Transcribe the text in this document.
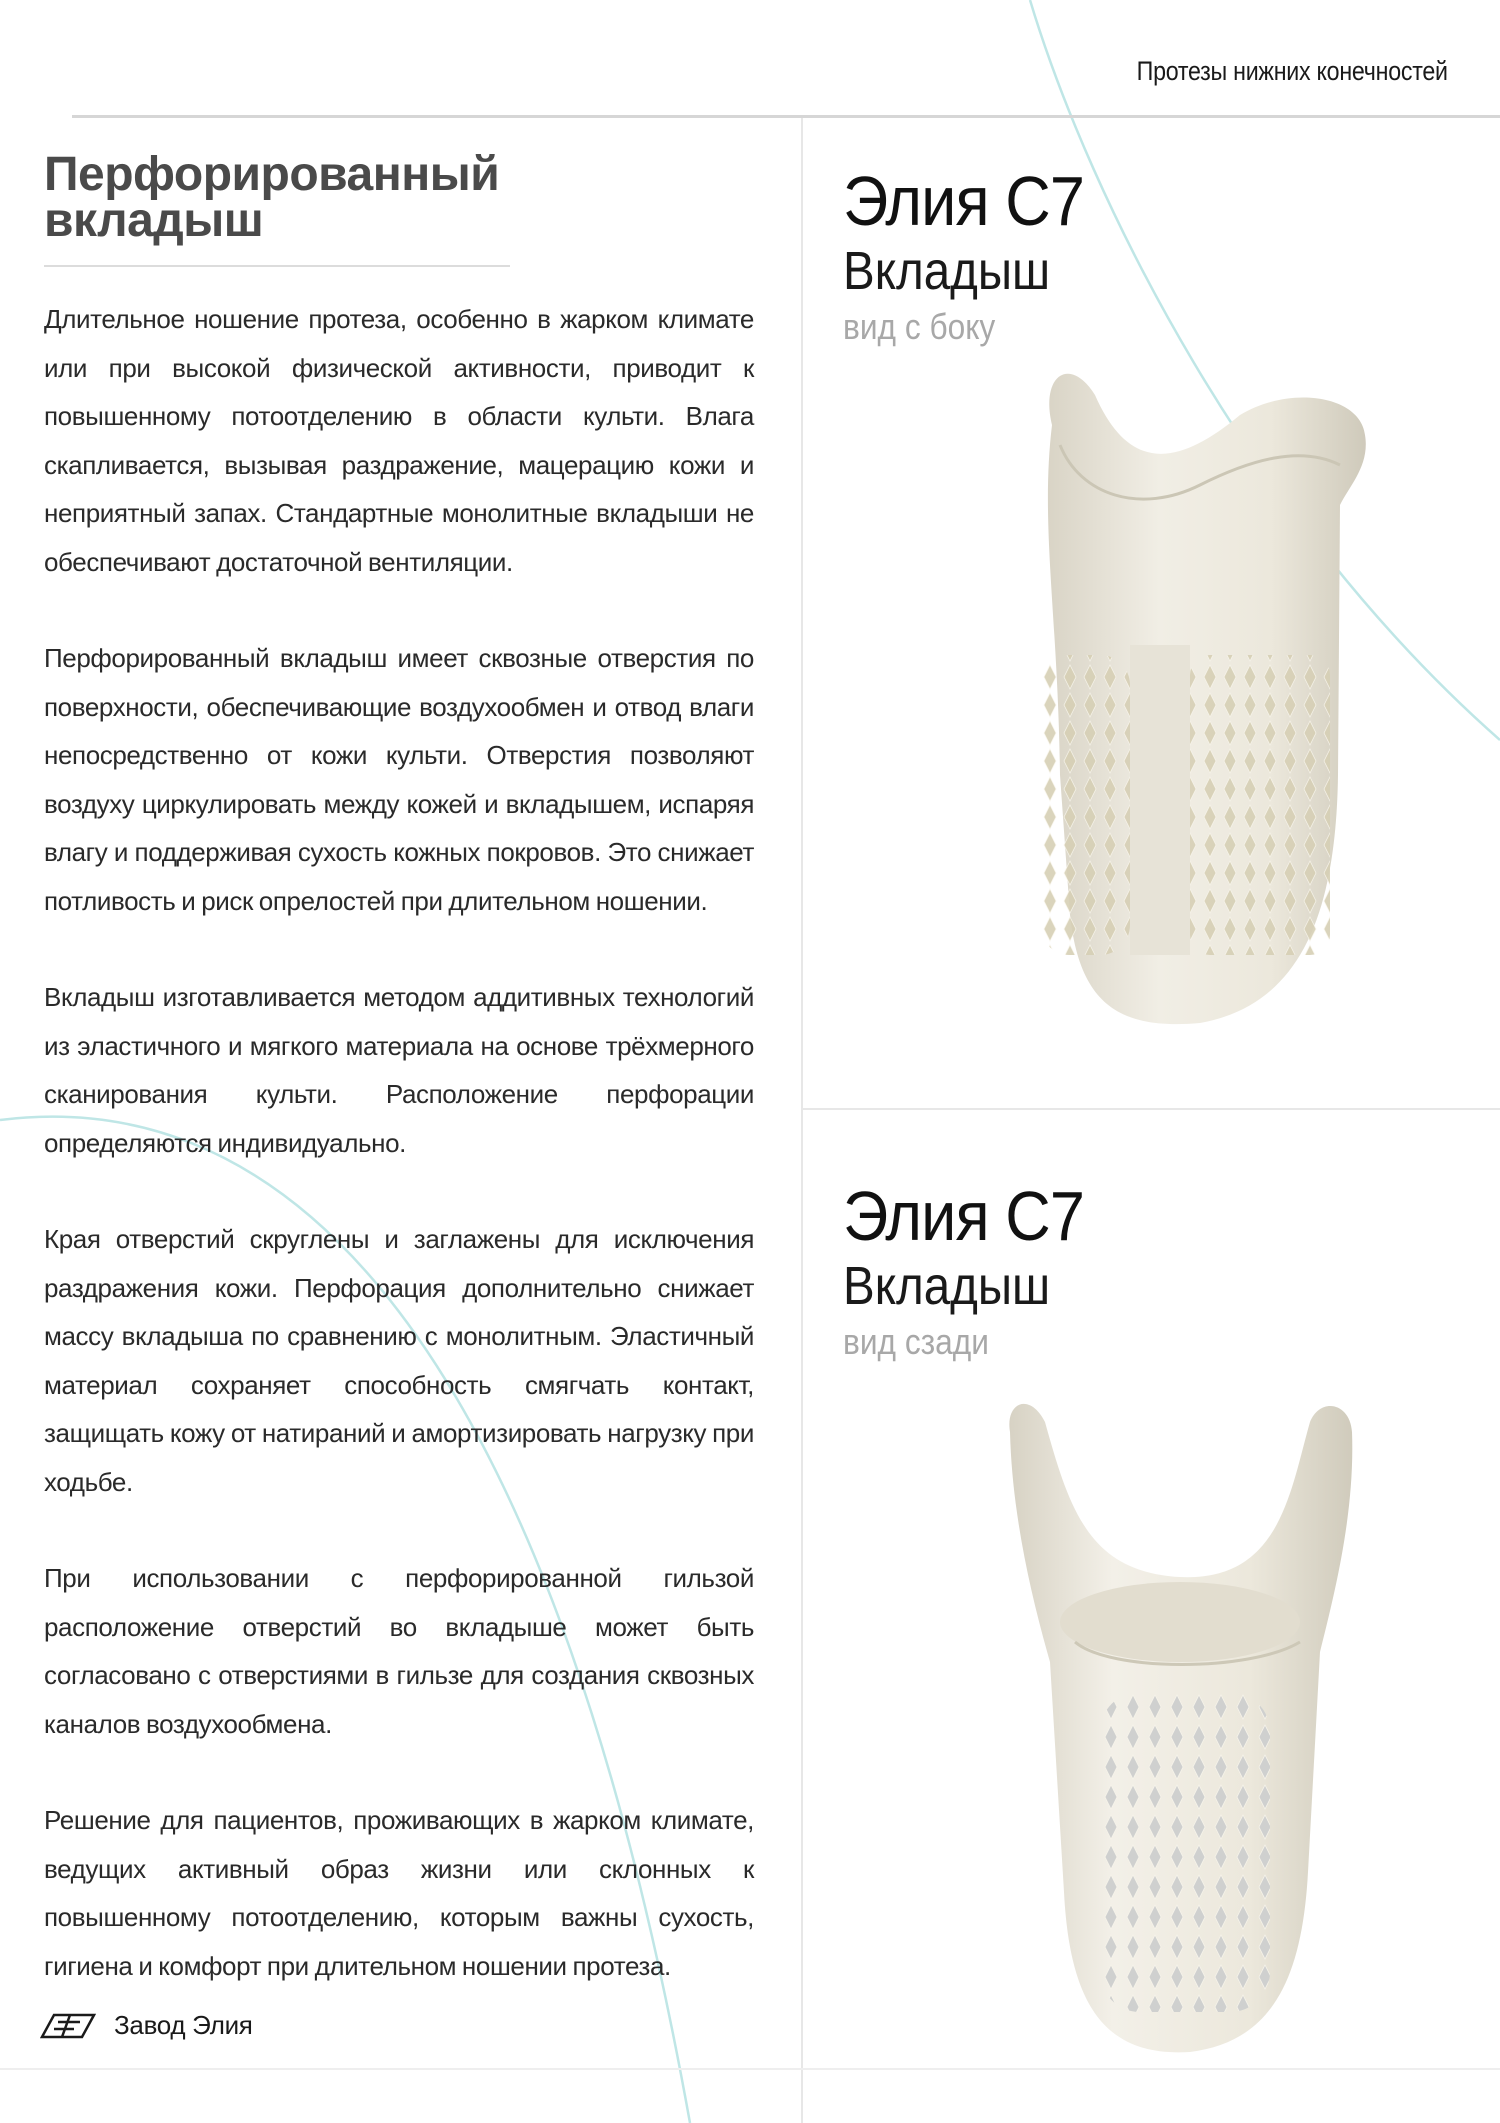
Протезы нижних конечностей
Перфорированный
вкладыш

Длительное ношение протеза, особенно в жарком климате или при высокой физической активности, приводит к повышенному потоотделению в области культи. Влага скапливается, вызывая раздражение, мацерацию кожи и неприятный запах. Стандартные монолитные вкладыши не обеспечивают достаточной вентиляции.

Перфорированный вкладыш имеет сквозные отверстия по поверхности, обеспечивающие воздухообмен и отвод влаги непосредственно от кожи культи. Отверстия позволяют воздуху циркулировать между кожей и вкладышем, испаряя влагу и поддерживая сухость кожных покровов. Это снижает потливость и риск опрелостей при длительном ношении.

Вкладыш изготавливается методом аддитивных технологий из эластичного и мягкого материала на основе трёхмерного сканирования культи. Расположение перфорации определяются индивидуально.

Края отверстий скруглены и заглажены для исключения раздражения кожи. Перфорация дополнительно снижает массу вкладыша по сравнению с монолитным. Эластичный материал сохраняет способность смягчать контакт, защищать кожу от натираний и амортизировать нагрузку при ходьбе.

При использовании с перфорированной гильзой расположение отверстий во вкладыше может быть согласовано с отверстиями в гильзе для создания сквозных каналов воздухообмена.

Решение для пациентов, проживающих в жарком климате, ведущих активный образ жизни или склонных к повышенному потоотделению, которым важны сухость, гигиена и комфорт при длительном ношении протеза.

Элия С7
Вкладыш
вид с боку
Элия С7
Вкладыш
вид сзади
Завод Элия
